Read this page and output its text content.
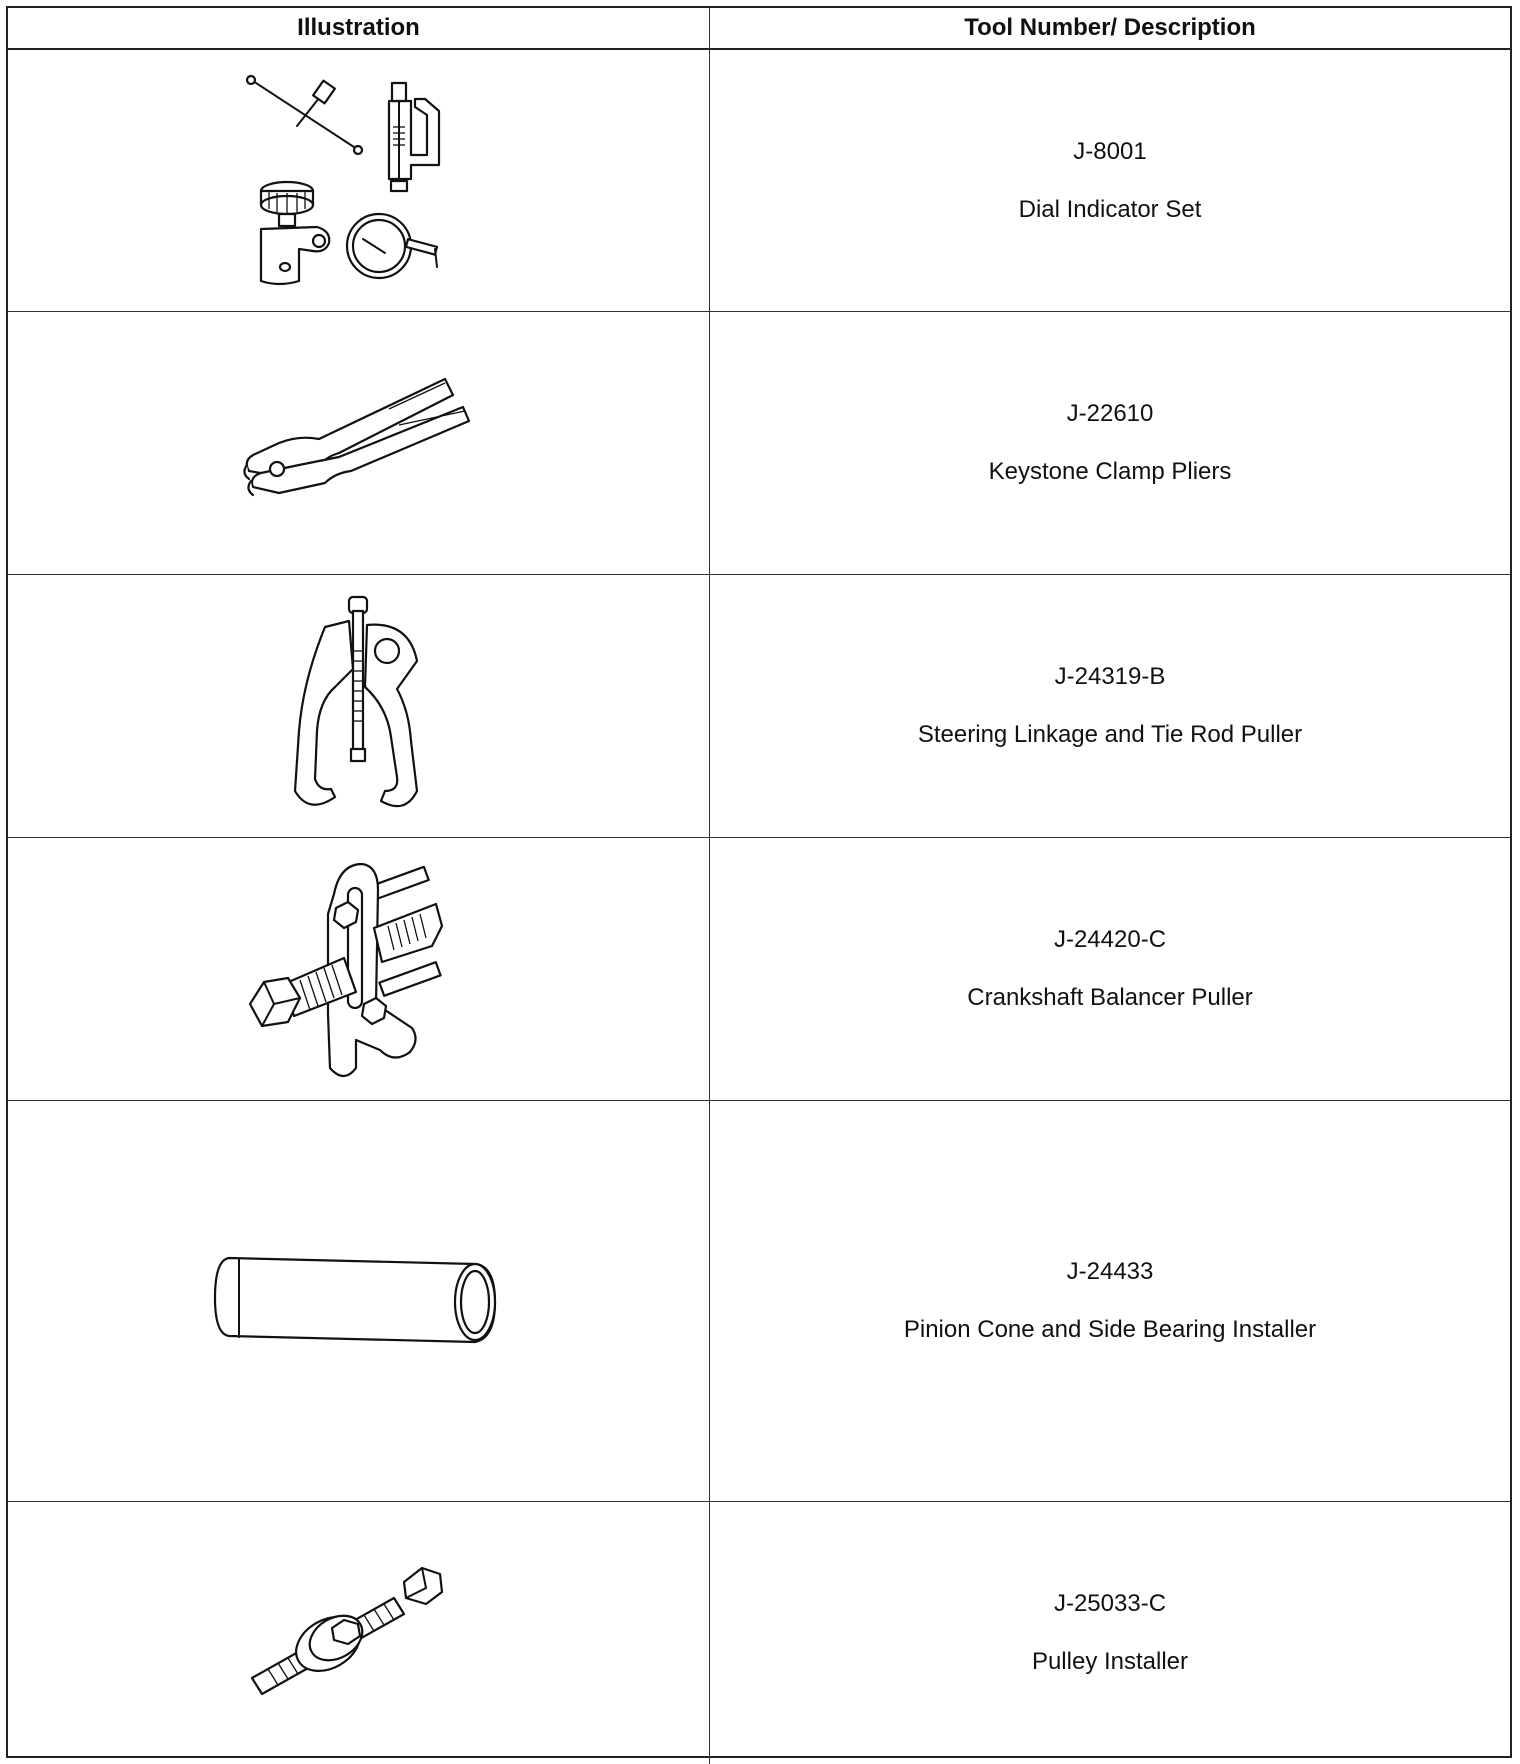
Illustration	Tool Number/ Description
J-8001
Dial Indicator Set
J-22610
Keystone Clamp Pliers
J-24319-B
Steering Linkage and Tie Rod Puller
J-24420-C
Crankshaft Balancer Puller
J-24433
Pinion Cone and Side Bearing Installer
J-25033-C
Pulley Installer
